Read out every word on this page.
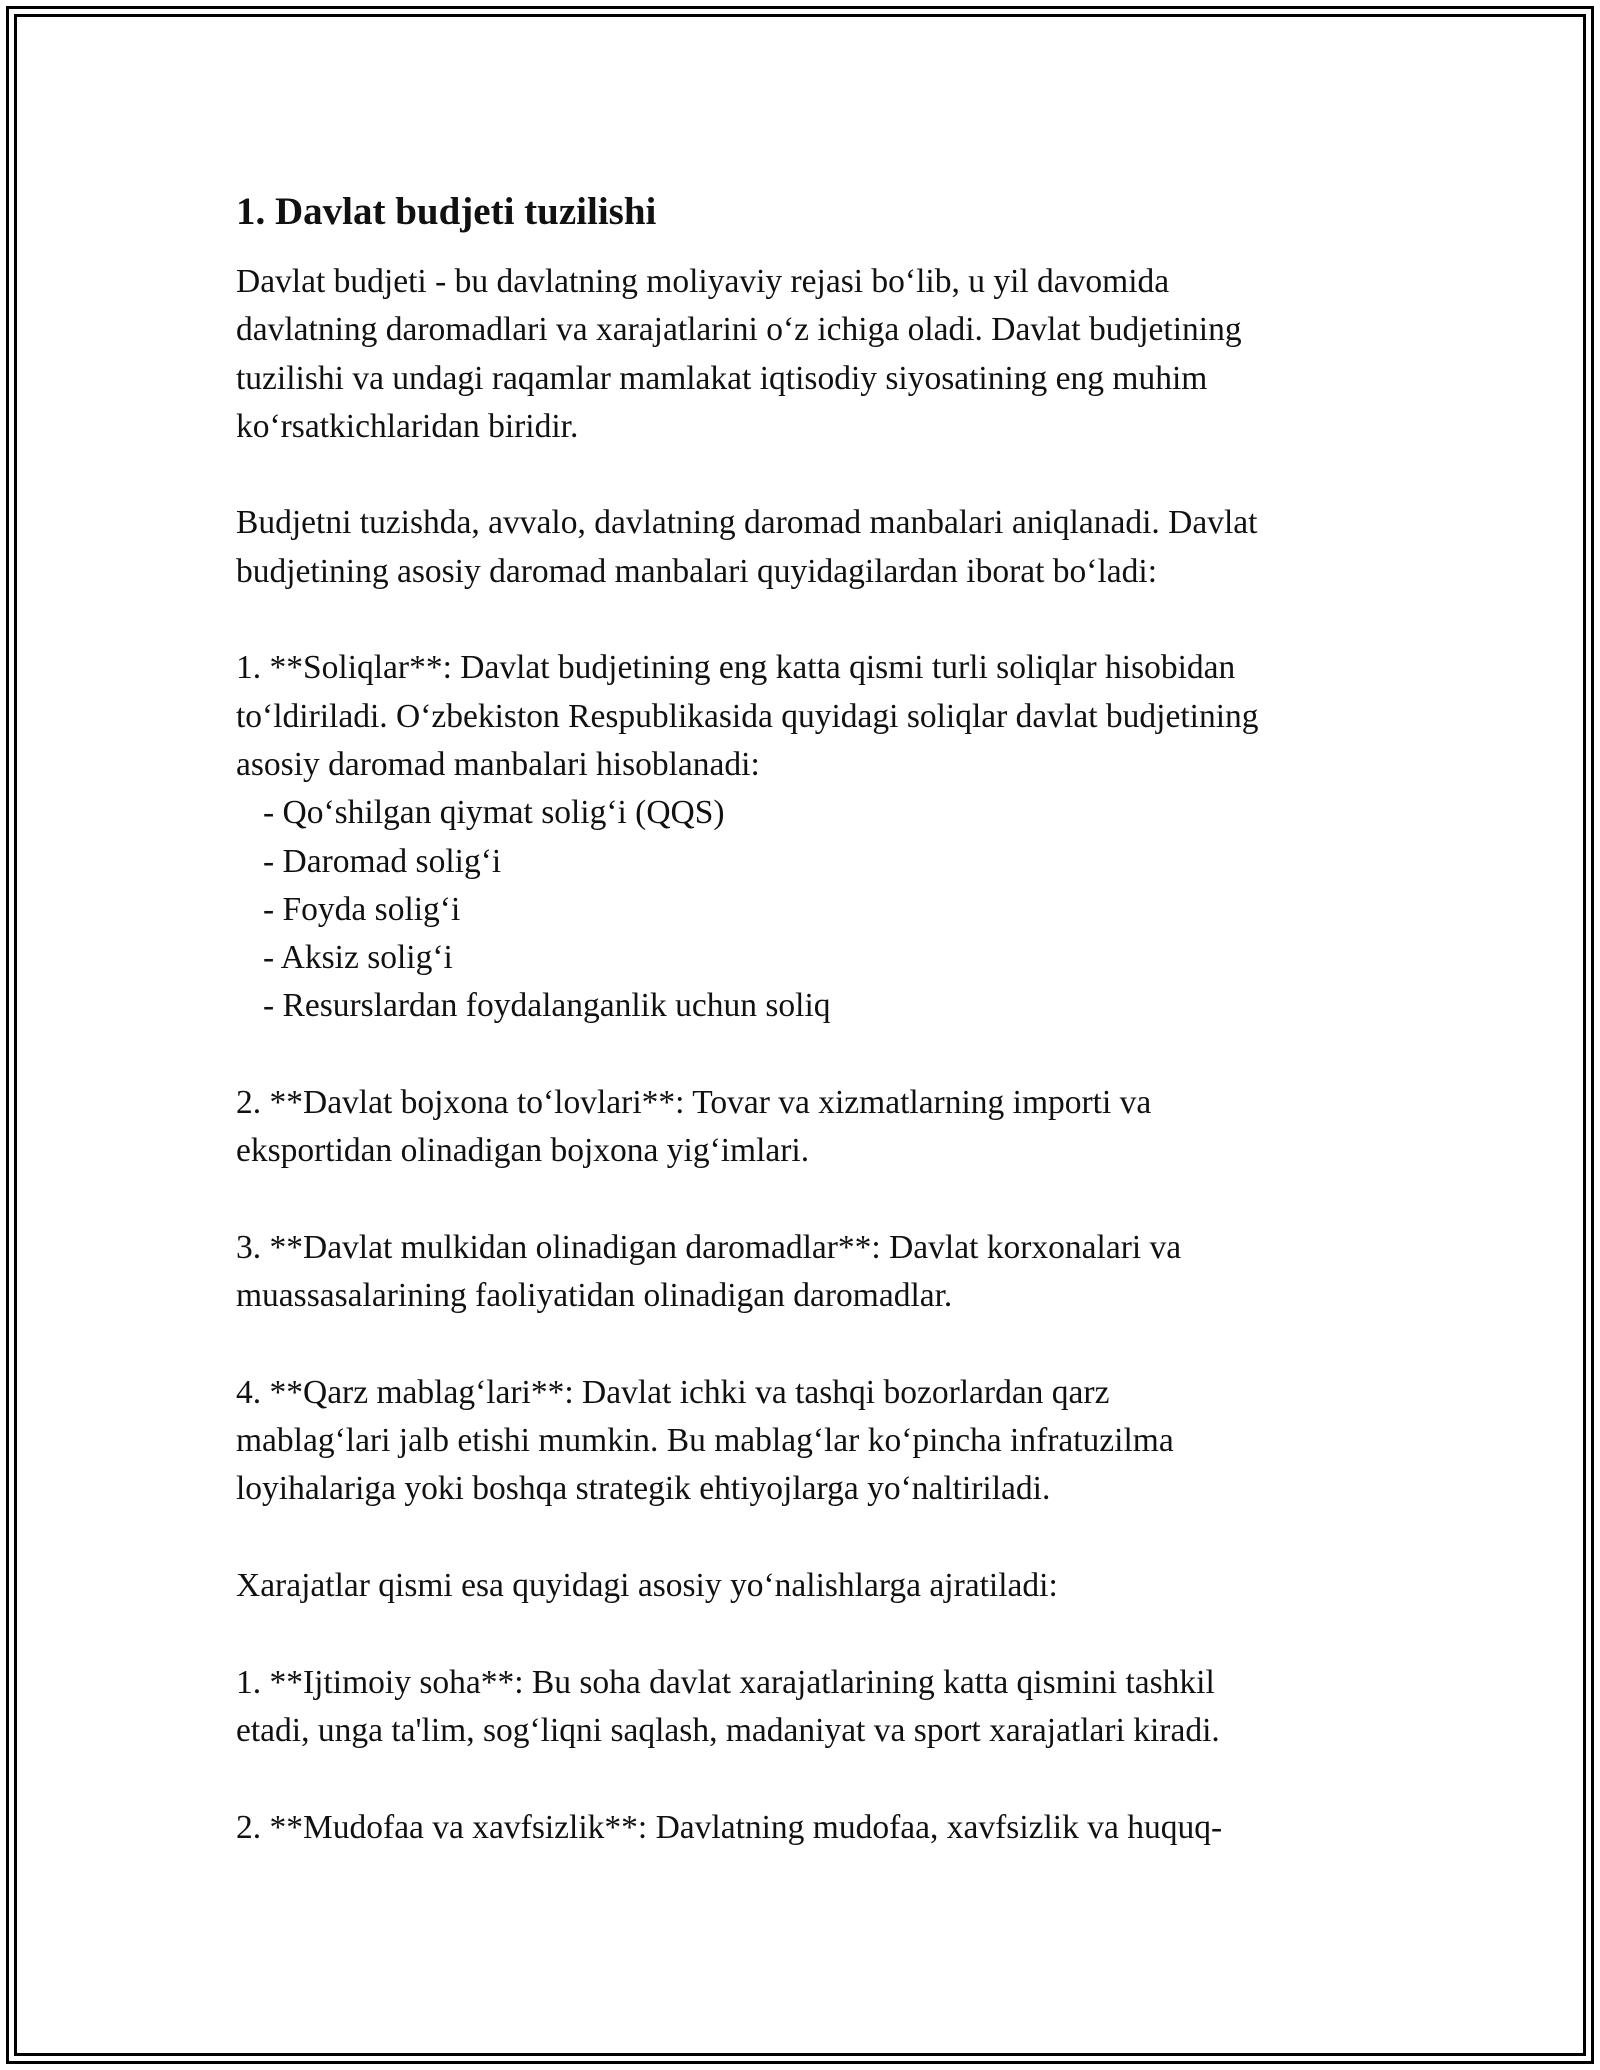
1. Davlat budjeti tuzilishi

Davlat budjeti - bu davlatning moliyaviy rejasi bo‘lib, u yil davomida

davlatning daromadlari va xarajatlarini o‘z ichiga oladi. Davlat budjetining

tuzilishi va undagi raqamlar mamlakat iqtisodiy siyosatining eng muhim

ko‘rsatkichlaridan biridir.

Budjetni tuzishda, avvalo, davlatning daromad manbalari aniqlanadi. Davlat

budjetining asosiy daromad manbalari quyidagilardan iborat bo‘ladi:

1. **Soliqlar**: Davlat budjetining eng katta qismi turli soliqlar hisobidan

to‘ldiriladi. O‘zbekiston Respublikasida quyidagi soliqlar davlat budjetining

asosiy daromad manbalari hisoblanadi:

- Qo‘shilgan qiymat solig‘i (QQS)

- Daromad solig‘i

- Foyda solig‘i

- Aksiz solig‘i

- Resurslardan foydalanganlik uchun soliq

2. **Davlat bojxona to‘lovlari**: Tovar va xizmatlarning importi va

eksportidan olinadigan bojxona yig‘imlari.

3. **Davlat mulkidan olinadigan daromadlar**: Davlat korxonalari va

muassasalarining faoliyatidan olinadigan daromadlar.

4. **Qarz mablag‘lari**: Davlat ichki va tashqi bozorlardan qarz

mablag‘lari jalb etishi mumkin. Bu mablag‘lar ko‘pincha infratuzilma

loyihalariga yoki boshqa strategik ehtiyojlarga yo‘naltiriladi.

Xarajatlar qismi esa quyidagi asosiy yo‘nalishlarga ajratiladi:

1. **Ijtimoiy soha**: Bu soha davlat xarajatlarining katta qismini tashkil

etadi, unga ta'lim, sog‘liqni saqlash, madaniyat va sport xarajatlari kiradi.

2. **Mudofaa va xavfsizlik**: Davlatning mudofaa, xavfsizlik va huquq-
